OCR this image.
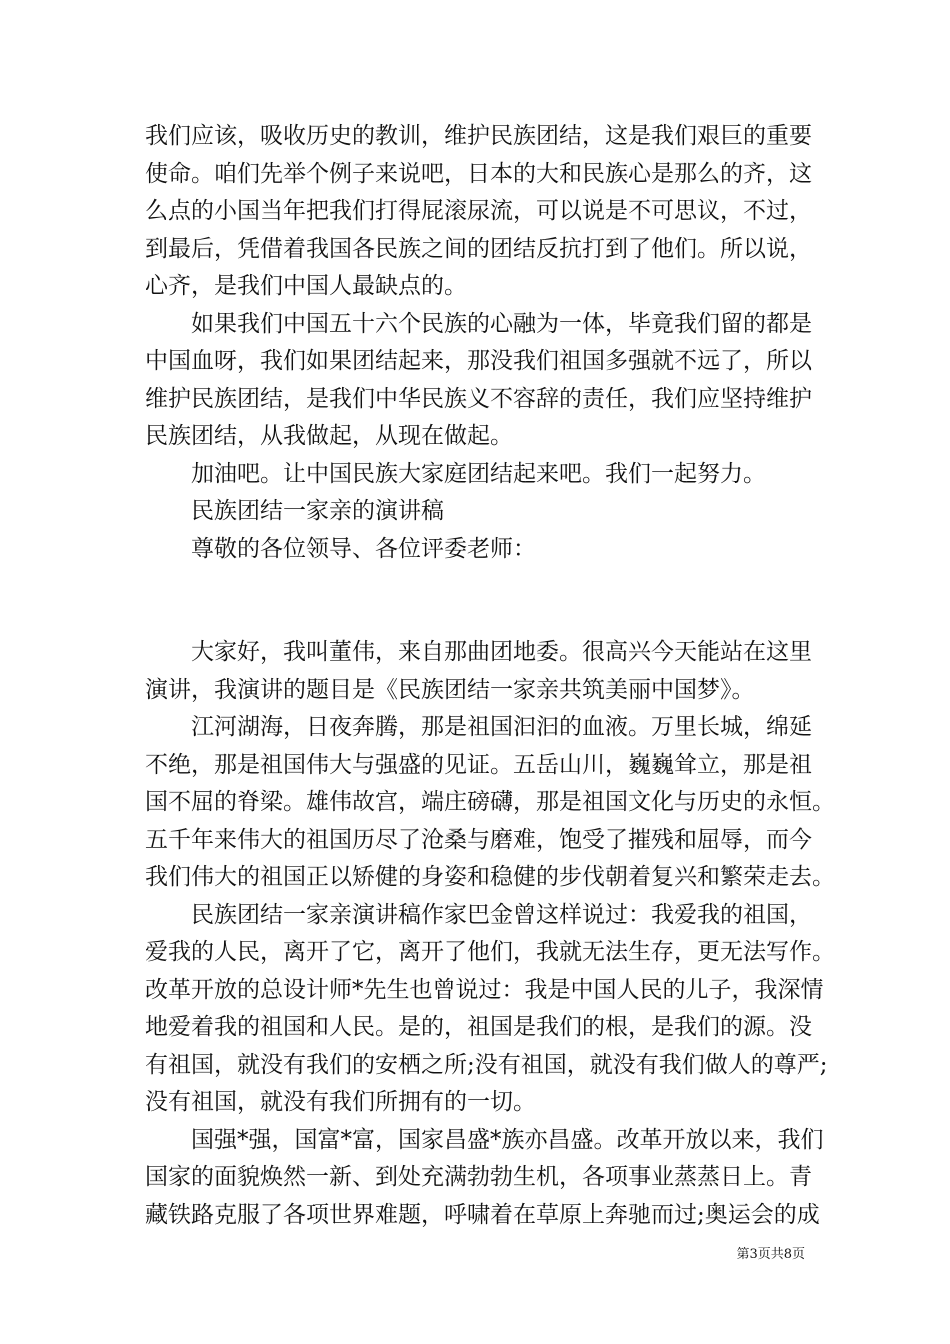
我们应该，吸收历史的教训，维护民族团结，这是我们艰巨的重要
使命。咱们先举个例子来说吧，日本的大和民族心是那么的齐，这
么点的小国当年把我们打得屁滚尿流，可以说是不可思议，不过，
到最后，凭借着我国各民族之间的团结反抗打到了他们。所以说，
心齐，是我们中国人最缺点的。
　　如果我们中国五十六个民族的心融为一体，毕竟我们留的都是
中国血呀，我们如果团结起来，那没我们祖国多强就不远了，所以
维护民族团结，是我们中华民族义不容辞的责任，我们应坚持维护
民族团结，从我做起，从现在做起。
　　加油吧。让中国民族大家庭团结起来吧。我们一起努力。
　　民族团结一家亲的演讲稿
　　尊敬的各位领导、各位评委老师：
　　大家好，我叫董伟，来自那曲团地委。很高兴今天能站在这里
演讲，我演讲的题目是《民族团结一家亲共筑美丽中国梦》。
　　江河湖海，日夜奔腾，那是祖国汩汩的血液。万里长城，绵延
不绝，那是祖国伟大与强盛的见证。五岳山川，巍巍耸立，那是祖
国不屈的脊梁。雄伟故宫，端庄磅礴，那是祖国文化与历史的永恒。
五千年来伟大的祖国历尽了沧桑与磨难，饱受了摧残和屈辱，而今
我们伟大的祖国正以矫健的身姿和稳健的步伐朝着复兴和繁荣走去。
　　民族团结一家亲演讲稿作家巴金曾这样说过：我爱我的祖国，
爱我的人民，离开了它，离开了他们，我就无法生存，更无法写作。
改革开放的总设计师*先生也曾说过：我是中国人民的儿子，我深情
地爱着我的祖国和人民。是的，祖国是我们的根，是我们的源。没
有祖国，就没有我们的安栖之所;没有祖国，就没有我们做人的尊严;
没有祖国，就没有我们所拥有的一切。
　　国强*强，国富*富，国家昌盛*族亦昌盛。改革开放以来，我们
国家的面貌焕然一新、到处充满勃勃生机，各项事业蒸蒸日上。青
藏铁路克服了各项世界难题，呼啸着在草原上奔驰而过;奥运会的成
第3页共8页
